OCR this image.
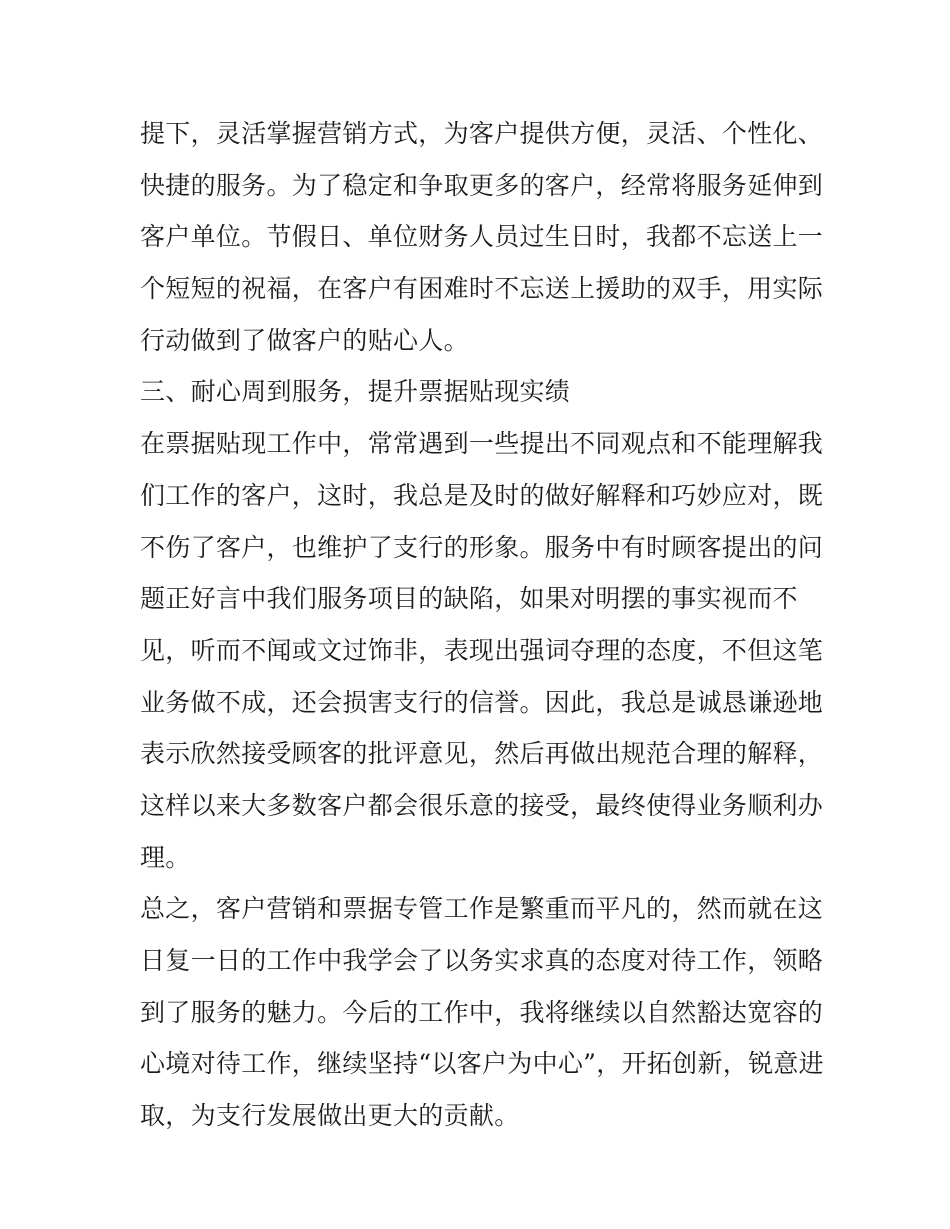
提下，灵活掌握营销方式，为客户提供方便，灵活、个性化、
快捷的服务。为了稳定和争取更多的客户，经常将服务延伸到
客户单位。节假日、单位财务人员过生日时，我都不忘送上一
个短短的祝福，在客户有困难时不忘送上援助的双手，用实际
行动做到了做客户的贴心人。
三、耐心周到服务，提升票据贴现实绩
在票据贴现工作中，常常遇到一些提出不同观点和不能理解我
们工作的客户，这时，我总是及时的做好解释和巧妙应对，既
不伤了客户，也维护了支行的形象。服务中有时顾客提出的问
题正好言中我们服务项目的缺陷，如果对明摆的事实视而不
见，听而不闻或文过饰非，表现出强词夺理的态度，不但这笔
业务做不成，还会损害支行的信誉。因此，我总是诚恳谦逊地
表示欣然接受顾客的批评意见，然后再做出规范合理的解释，
这样以来大多数客户都会很乐意的接受，最终使得业务顺利办
理。
总之，客户营销和票据专管工作是繁重而平凡的，然而就在这
日复一日的工作中我学会了以务实求真的态度对待工作，领略
到了服务的魅力。今后的工作中，我将继续以自然豁达宽容的
心境对待工作，继续坚持“以客户为中心”，开拓创新，锐意进
取，为支行发展做出更大的贡献。
